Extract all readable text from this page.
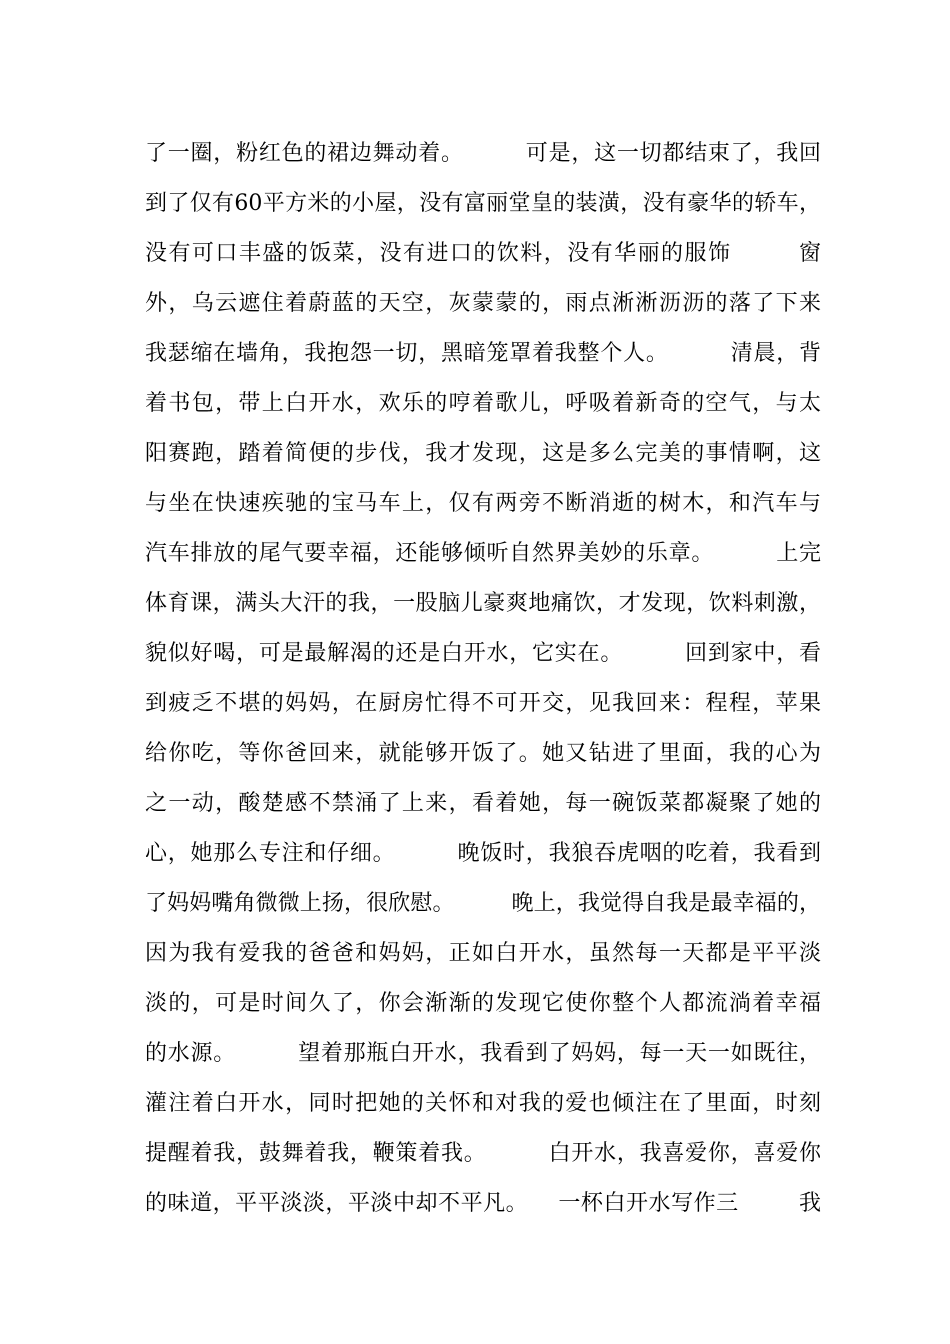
了一圈，粉红色的裙边舞动着。        可是，这一切都结束了，我回
到了仅有60平方米的小屋，没有富丽堂皇的装潢，没有豪华的轿车，
没有可口丰盛的饭菜，没有进口的饮料，没有华丽的服饰        窗
外，乌云遮住着蔚蓝的天空，灰蒙蒙的，雨点淅淅沥沥的落了下来
我瑟缩在墙角，我抱怨一切，黑暗笼罩着我整个人。        清晨，背
着书包，带上白开水，欢乐的哼着歌儿，呼吸着新奇的空气，与太
阳赛跑，踏着简便的步伐，我才发现，这是多么完美的事情啊，这
与坐在快速疾驰的宝马车上，仅有两旁不断消逝的树木，和汽车与
汽车排放的尾气要幸福，还能够倾听自然界美妙的乐章。        上完
体育课，满头大汗的我，一股脑儿豪爽地痛饮，才发现，饮料刺激，
貌似好喝，可是最解渴的还是白开水，它实在。        回到家中，看
到疲乏不堪的妈妈，在厨房忙得不可开交，见我回来：程程，苹果
给你吃，等你爸回来，就能够开饭了。她又钻进了里面，我的心为
之一动，酸楚感不禁涌了上来，看着她，每一碗饭菜都凝聚了她的
心，她那么专注和仔细。        晚饭时，我狼吞虎咽的吃着，我看到
了妈妈嘴角微微上扬，很欣慰。        晚上，我觉得自我是最幸福的，
因为我有爱我的爸爸和妈妈，正如白开水，虽然每一天都是平平淡
淡的，可是时间久了，你会渐渐的发现它使你整个人都流淌着幸福
的水源。        望着那瓶白开水，我看到了妈妈，每一天一如既往，
灌注着白开水，同时把她的关怀和对我的爱也倾注在了里面，时刻
提醒着我，鼓舞着我，鞭策着我。        白开水，我喜爱你，喜爱你
的味道，平平淡淡，平淡中却不平凡。    一杯白开水写作三        我
